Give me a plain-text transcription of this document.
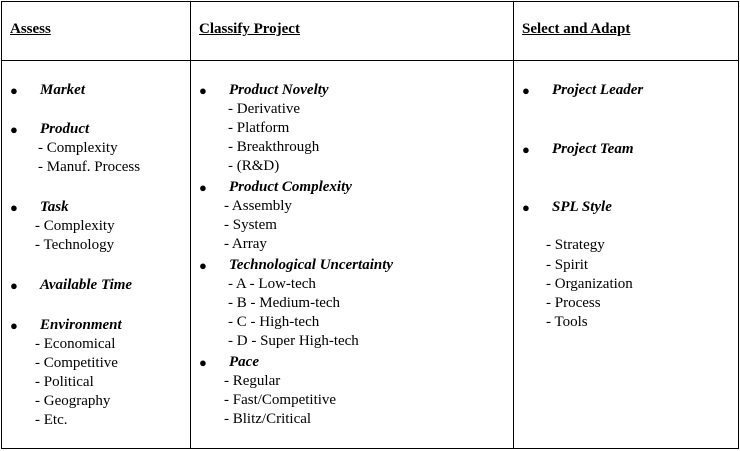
Assess
● Market
● Product
- Complexity
- Manuf. Process
● Task
- Complexity
- Technology
● Available Time
● Environment
- Economical
- Competitive
- Political
- Geography
- Etc.
Classify Project
● Product Novelty
- Derivative
- Platform
- Breakthrough
- (R&D)
● Product Complexity
- Assembly
- System
- Array
● Technological Uncertainty
- A - Low-tech
- B - Medium-tech
- C - High-tech
- D - Super High-tech
● Pace
- Regular
- Fast/Competitive
- Blitz/Critical
Select and Adapt
● Project Leader
● Project Team
● SPL Style
- Strategy
- Spirit
- Organization
- Process
- Tools
